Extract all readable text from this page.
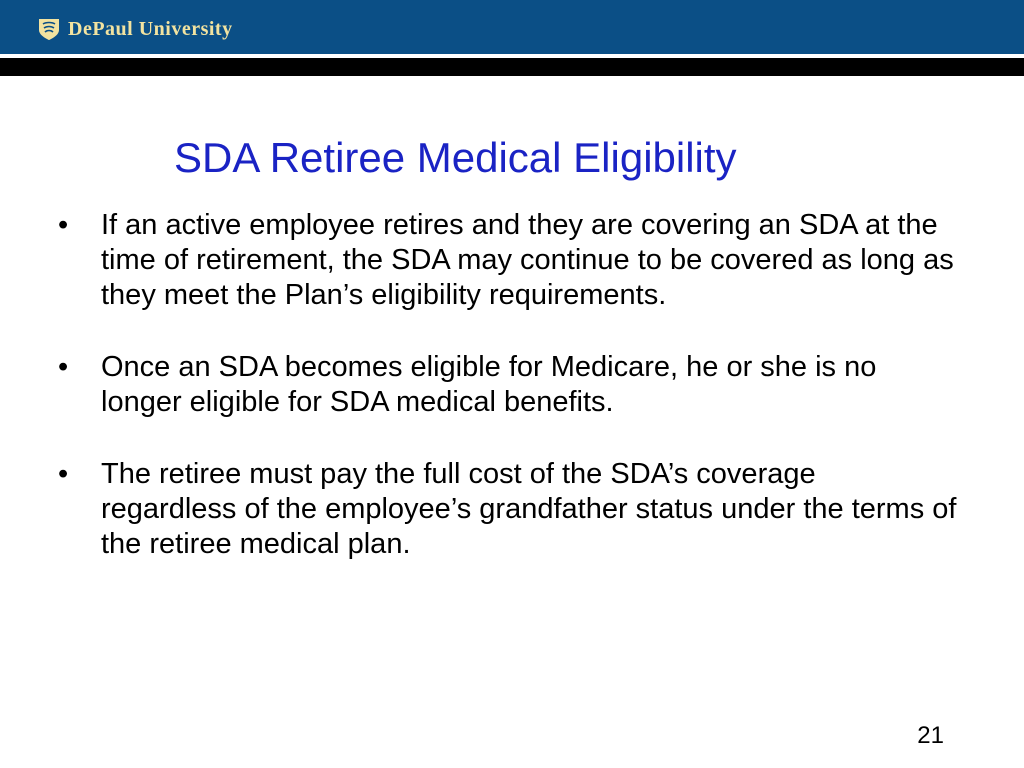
DePaul University
SDA Retiree Medical Eligibility
• If an active employee retires and they are covering an SDA at the time of retirement, the SDA may continue to be covered as long as they meet the Plan’s eligibility requirements.
• Once an SDA becomes eligible for Medicare, he or she is no longer eligible for SDA medical benefits.
• The retiree must pay the full cost of the SDA’s coverage regardless of the employee’s grandfather status under the terms of the retiree medical plan.
21
